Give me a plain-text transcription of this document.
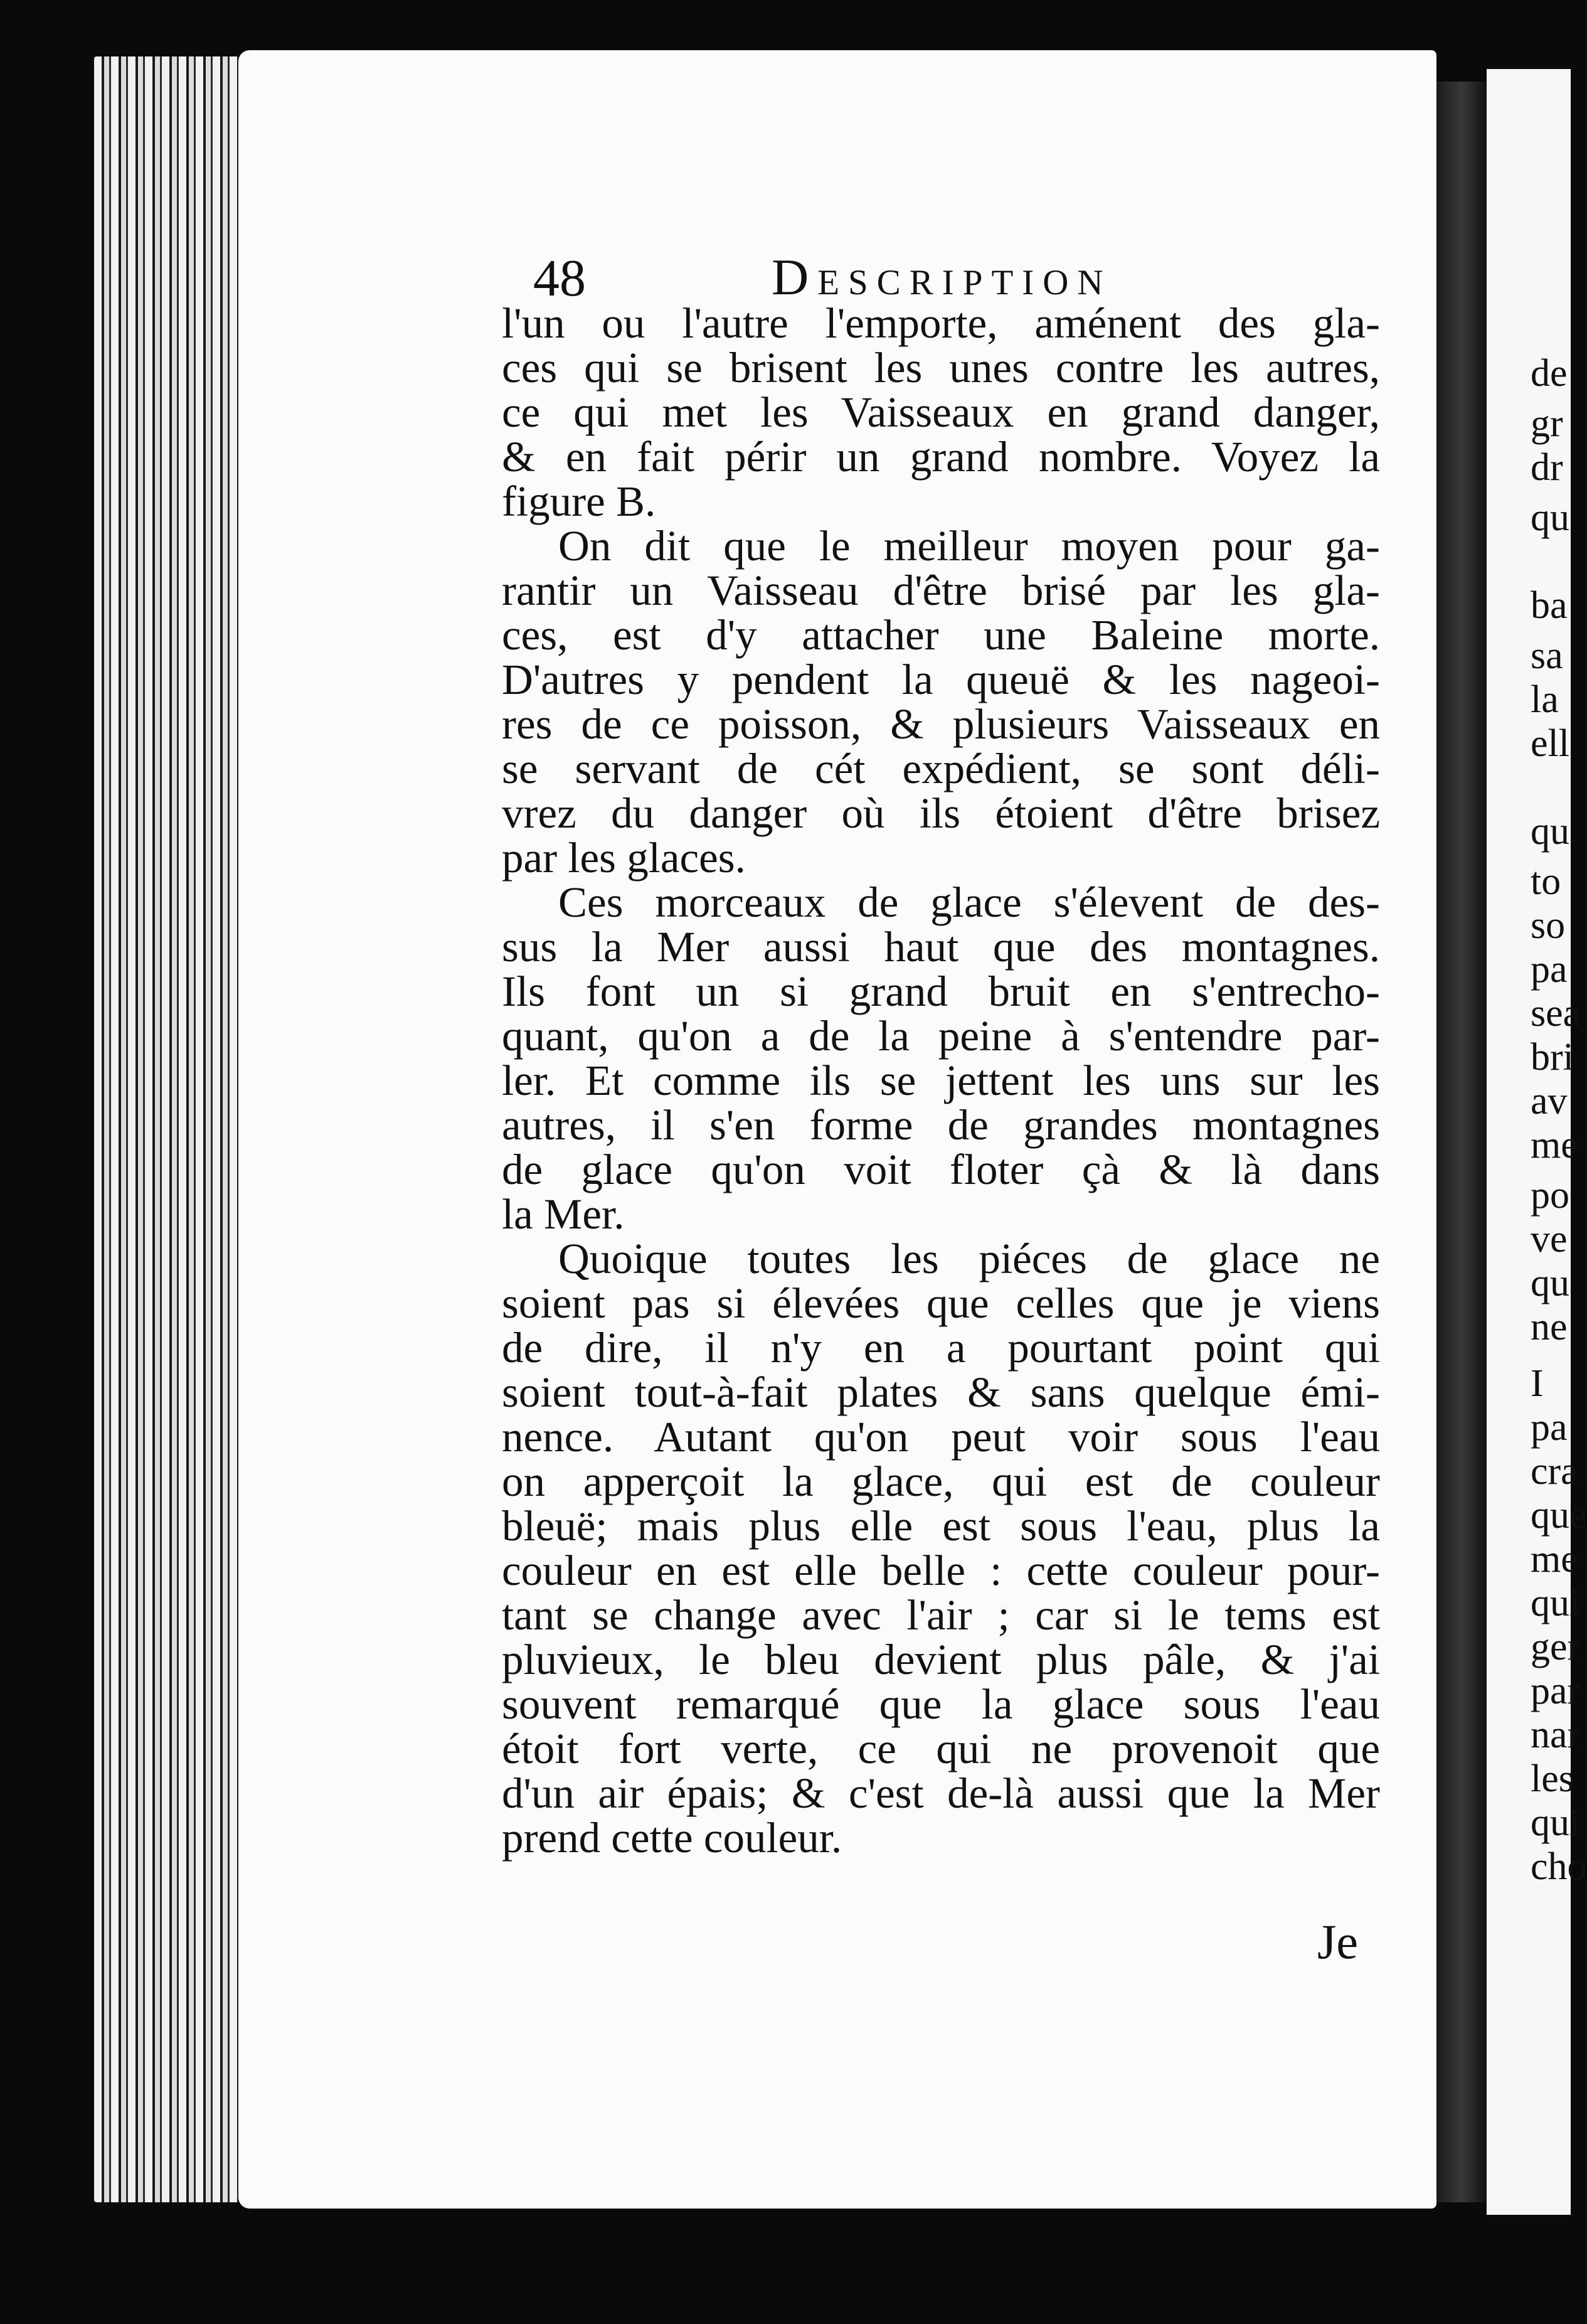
48	Description
l'un ou l'autre l'emporte, aménent des gla-
ces qui se brisent les unes contre les autres,
ce qui met les Vaisseaux en grand danger,
& en fait périr un grand nombre. Voyez la
figure B.
On dit que le meilleur moyen pour ga-
rantir un Vaisseau d'être brisé par les gla-
ces, est d'y attacher une Baleine morte.
D'autres y pendent la queuë & les nageoi-
res de ce poisson, & plusieurs Vaisseaux en
se servant de cét expédient, se sont déli-
vrez du danger où ils étoient d'être brisez
par les glaces.
Ces morceaux de glace s'élevent de des-
sus la Mer aussi haut que des montagnes.
Ils font un si grand bruit en s'entrecho-
quant, qu'on a de la peine à s'entendre par-
ler. Et comme ils se jettent les uns sur les
autres, il s'en forme de grandes montagnes
de glace qu'on voit floter çà & là dans
la Mer.
Quoique toutes les piéces de glace ne
soient pas si élevées que celles que je viens
de dire, il n'y en a pourtant point qui
soient tout-à-fait plates & sans quelque émi-
nence. Autant qu'on peut voir sous l'eau
on apperçoit la glace, qui est de couleur
bleuë; mais plus elle est sous l'eau, plus la
couleur en est elle belle : cette couleur pour-
tant se change avec l'air ; car si le tems est
pluvieux, le bleu devient plus pâle, & j'ai
souvent remarqué que la glace sous l'eau
étoit fort verte, ce qui ne provenoit que
d'un air épais; & c'est de-là aussi que la Mer
prend cette couleur.
Je
de
gr
dr
qu
ba
sa
la
ell
qu
to
so
pa
sea
bri
av
me
po
ve
qu
ne
I
pa
cra
que
me
qui
ger
par
nar
les
qui
cho
